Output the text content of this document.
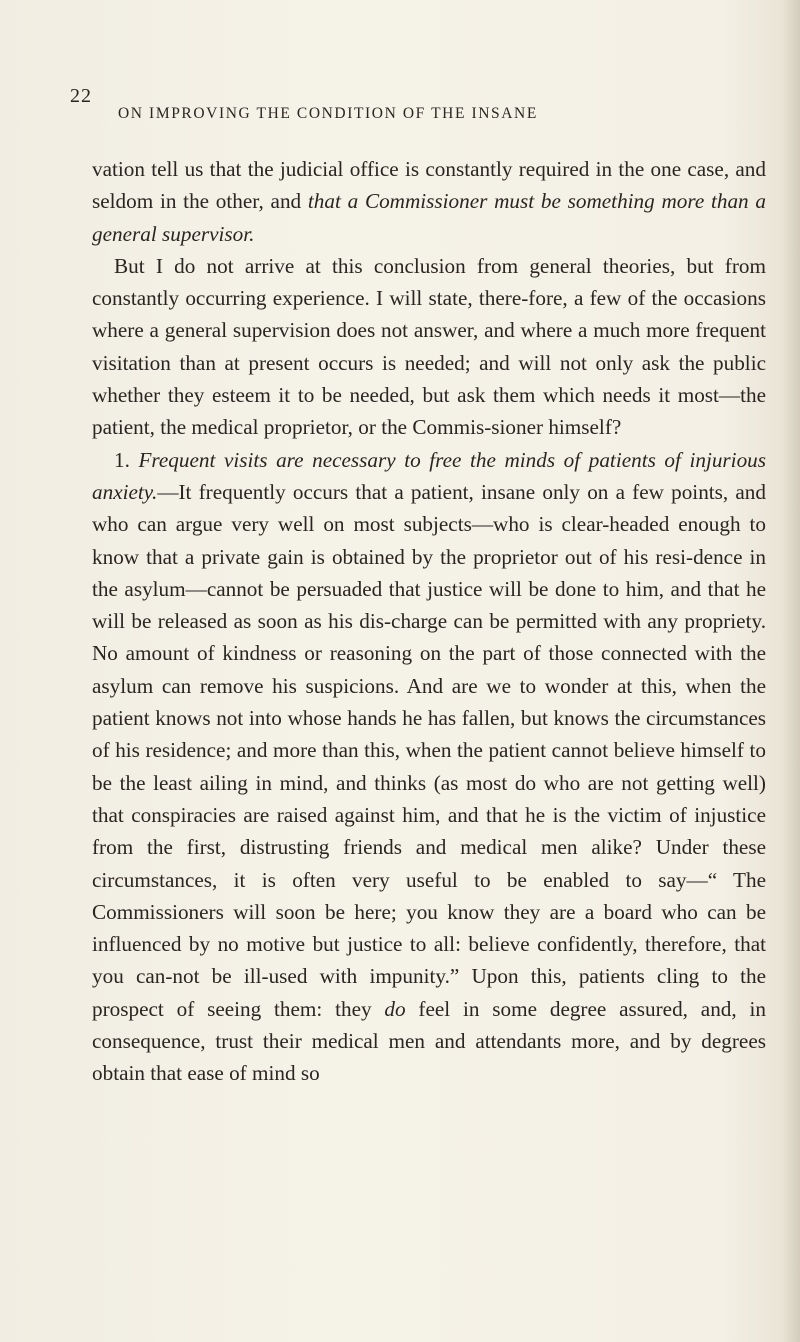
22
ON IMPROVING THE CONDITION OF THE INSANE

vation tell us that the judicial office is constantly required in the one case, and seldom in the other, and that a Commissioner must be something more than a general supervisor.

But I do not arrive at this conclusion from general theories, but from constantly occurring experience. I will state, there-fore, a few of the occasions where a general supervision does not answer, and where a much more frequent visitation than at present occurs is needed; and will not only ask the public whether they esteem it to be needed, but ask them which needs it most—the patient, the medical proprietor, or the Commis-sioner himself?

1. Frequent visits are necessary to free the minds of patients of injurious anxiety.—It frequently occurs that a patient, insane only on a few points, and who can argue very well on most subjects—who is clear-headed enough to know that a private gain is obtained by the proprietor out of his resi-dence in the asylum—cannot be persuaded that justice will be done to him, and that he will be released as soon as his dis-charge can be permitted with any propriety. No amount of kindness or reasoning on the part of those connected with the asylum can remove his suspicions. And are we to wonder at this, when the patient knows not into whose hands he has fallen, but knows the circumstances of his residence; and more than this, when the patient cannot believe himself to be the least ailing in mind, and thinks (as most do who are not getting well) that conspiracies are raised against him, and that he is the victim of injustice from the first, distrusting friends and medical men alike? Under these circumstances, it is often very useful to be enabled to say—“ The Commissioners will soon be here; you know they are a board who can be influenced by no motive but justice to all: believe confidently, therefore, that you can-not be ill-used with impunity.” Upon this, patients cling to the prospect of seeing them: they do feel in some degree assured, and, in consequence, trust their medical men and attendants more, and by degrees obtain that ease of mind so
